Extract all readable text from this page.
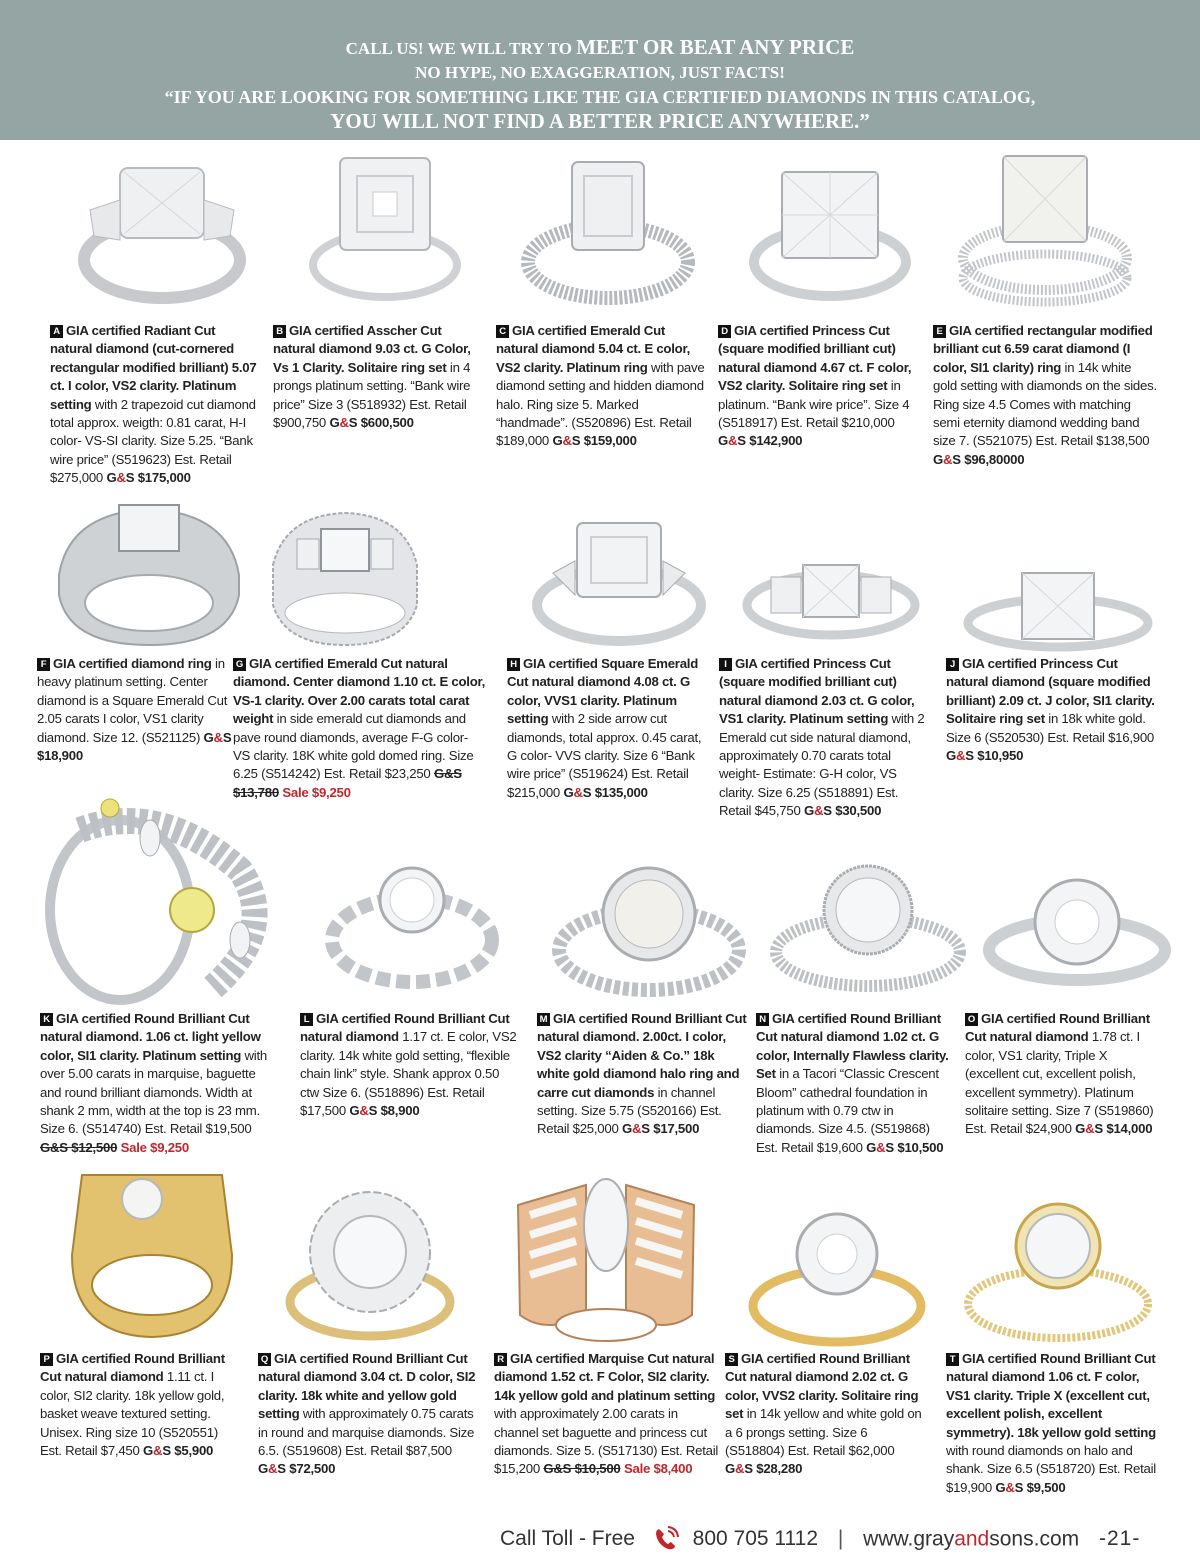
CALL US! WE WILL TRY TO MEET OR BEAT ANY PRICE
NO HYPE, NO EXAGGERATION, JUST FACTS!
“IF YOU ARE LOOKING FOR SOMETHING LIKE THE GIA CERTIFIED DIAMONDS IN THIS CATALOG,
YOU WILL NOT FIND A BETTER PRICE ANYWHERE.”
A GIA certified Radiant Cut natural diamond (cut-cornered rectangular modified brilliant) 5.07 ct. I color, VS2 clarity. Platinum setting with 2 trapezoid cut diamond total approx. weigth: 0.81 carat, H-I color- VS-SI clarity. Size 5.25. “Bank wire price” (S519623) Est. Retail $275,000 G&S $175,000
B GIA certified Asscher Cut natural diamond 9.03 ct. G Color, Vs 1 Clarity. Solitaire ring set in 4 prongs platinum setting. “Bank wire price” Size 3 (S518932) Est. Retail $900,750 G&S $600,500
C GIA certified Emerald Cut natural diamond 5.04 ct. E color, VS2 clarity. Platinum ring with pave diamond setting and hidden diamond halo. Ring size 5. Marked “handmade”. (S520896) Est. Retail $189,000 G&S $159,000
D GIA certified Princess Cut (square modified brilliant cut) natural diamond 4.67 ct. F color, VS2 clarity. Solitaire ring set in platinum. “Bank wire price”. Size 4 (S518917) Est. Retail $210,000 G&S $142,900
E GIA certified rectangular modified brilliant cut 6.59 carat diamond (I color, SI1 clarity) ring in 14k white gold setting with diamonds on the sides. Ring size 4.5 Comes with matching semi eternity diamond wedding band size 7. (S521075) Est. Retail $138,500 G&S $96,80000
F GIA certified diamond ring in heavy platinum setting. Center diamond is a Square Emerald Cut 2.05 carats I color, VS1 clarity diamond. Size 12. (S521125) G&S $18,900
G GIA certified Emerald Cut natural diamond. Center diamond 1.10 ct. E color, VS-1 clarity. Over 2.00 carats total carat weight in side emerald cut diamonds and pave round diamonds, average F-G color- VS clarity. 18K white gold domed ring. Size 6.25 (S514242) Est. Retail $23,250 G&S $13,780 Sale $9,250
H GIA certified Square Emerald Cut natural diamond 4.08 ct. G color, VVS1 clarity. Platinum setting with 2 side arrow cut diamonds, total approx. 0.45 carat, G color- VVS clarity. Size 6 “Bank wire price” (S519624) Est. Retail $215,000 G&S $135,000
I GIA certified Princess Cut (square modified brilliant cut) natural diamond 2.03 ct. G color, VS1 clarity. Platinum setting with 2 Emerald cut side natural diamond, approximately 0.70 carats total weight- Estimate: G-H color, VS clarity. Size 6.25 (S518891) Est. Retail $45,750 G&S $30,500
J GIA certified Princess Cut natural diamond (square modified brilliant) 2.09 ct. J color, SI1 clarity. Solitaire ring set in 18k white gold. Size 6 (S520530) Est. Retail $16,900 G&S $10,950
K GIA certified Round Brilliant Cut natural diamond. 1.06 ct. light yellow color, SI1 clarity. Platinum setting with over 5.00 carats in marquise, baguette and round brilliant diamonds. Width at shank 2 mm, width at the top is 23 mm. Size 6. (S514740) Est. Retail $19,500 G&S $12,500 Sale $9,250
L GIA certified Round Brilliant Cut natural diamond 1.17 ct. E color, VS2 clarity. 14k white gold setting, “flexible chain link” style. Shank approx 0.50 ctw Size 6. (S518896) Est. Retail $17,500 G&S $8,900
M GIA certified Round Brilliant Cut natural diamond. 2.00ct. I color, VS2 clarity “Aiden & Co.” 18k white gold diamond halo ring and carre cut diamonds in channel setting. Size 5.75 (S520166) Est. Retail $25,000 G&S $17,500
N GIA certified Round Brilliant Cut natural diamond 1.02 ct. G color, Internally Flawless clarity. Set in a Tacori “Classic Crescent Bloom” cathedral foundation in platinum with 0.79 ctw in diamonds. Size 4.5. (S519868) Est. Retail $19,600 G&S $10,500
O GIA certified Round Brilliant Cut natural diamond 1.78 ct. I color, VS1 clarity, Triple X (excellent cut, excellent polish, excellent symmetry). Platinum solitaire setting. Size 7 (S519860) Est. Retail $24,900 G&S $14,000
P GIA certified Round Brilliant Cut natural diamond 1.11 ct. I color, SI2 clarity. 18k yellow gold, basket weave textured setting. Unisex. Ring size 10 (S520551) Est. Retail $7,450 G&S $5,900
Q GIA certified Round Brilliant Cut natural diamond 3.04 ct. D color, SI2 clarity. 18k white and yellow gold setting with approximately 0.75 carats in round and marquise diamonds. Size 6.5. (S519608) Est. Retail $87,500 G&S $72,500
R GIA certified Marquise Cut natural diamond 1.52 ct. F Color, SI2 clarity. 14k yellow gold and platinum setting with approximately 2.00 carats in channel set baguette and princess cut diamonds. Size 5. (S517130) Est. Retail $15,200 G&S $10,500 Sale $8,400
S GIA certified Round Brilliant Cut natural diamond 2.02 ct. G color, VVS2 clarity. Solitaire ring set in 14k yellow and white gold on a 6 prongs setting. Size 6 (S518804) Est. Retail $62,000 G&S $28,280
T GIA certified Round Brilliant Cut natural diamond 1.06 ct. F color, VS1 clarity. Triple X (excellent cut, excellent polish, excellent symmetry). 18k yellow gold setting with round diamonds on halo and shank. Size 6.5 (S518720) Est. Retail $19,900 G&S $9,500
Call Toll - Free	800 705 1112 | www.grayandsons.com -21-
